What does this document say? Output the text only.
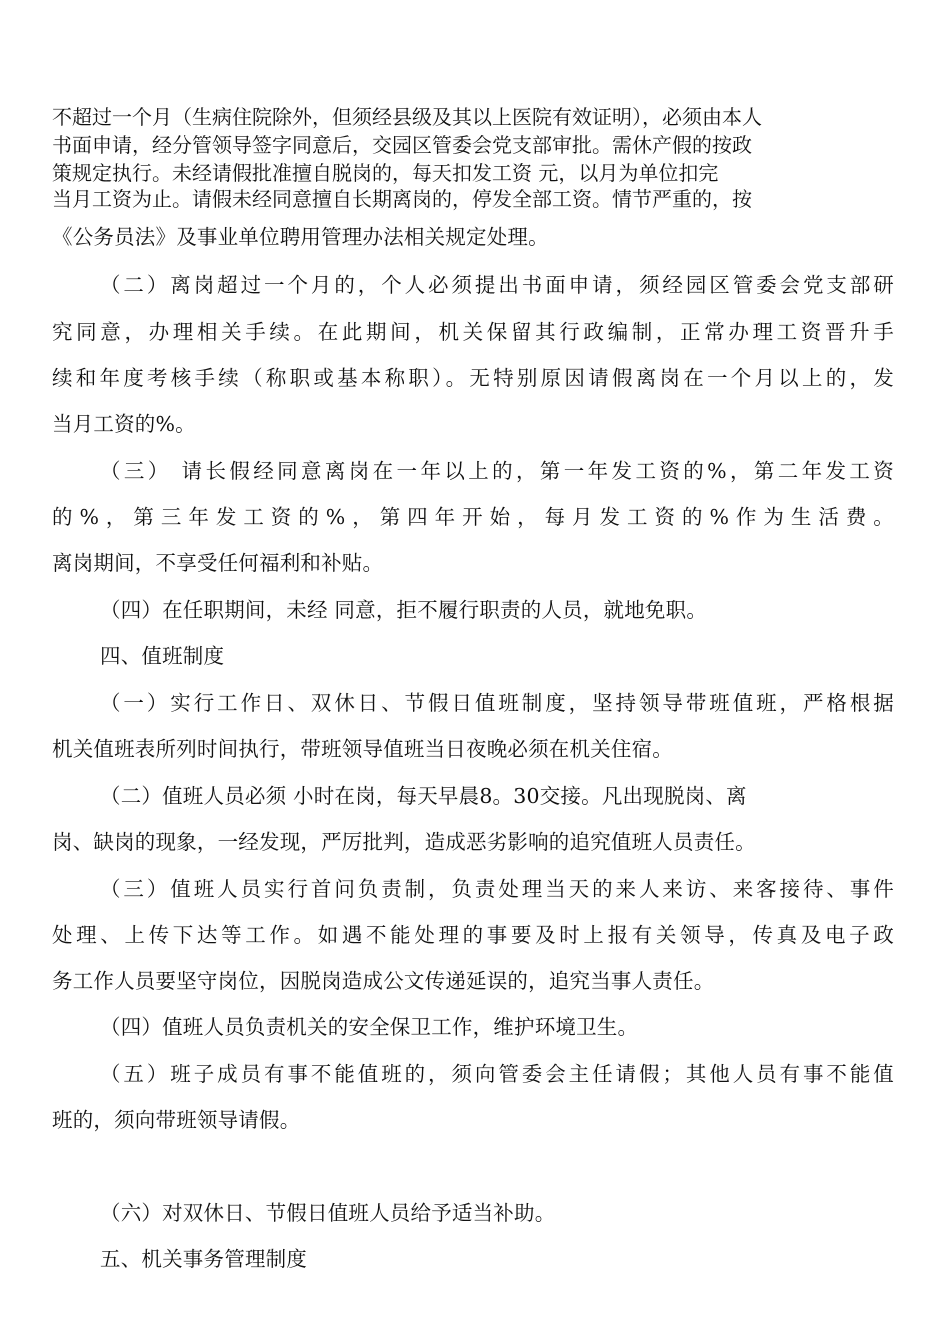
不超过一个月（生病住院除外，但须经县级及其以上医院有效证明），必须由本人
书面申请，经分管领导签字同意后，交园区管委会党支部审批。需休产假的按政
策规定执行。未经请假批准擅自脱岗的，每天扣发工资 元，以月为单位扣完
当月工资为止。请假未经同意擅自长期离岗的，停发全部工资。情节严重的，按
《公务员法》及事业单位聘用管理办法相关规定处理。
（二）离岗超过一个月的，个人必须提出书面申请，须经园区管委会党支部研
究同意，办理相关手续。在此期间，机关保留其行政编制，正常办理工资晋升手
续和年度考核手续（称职或基本称职）。无特别原因请假离岗在一个月以上的，发
当月工资的%。
（三） 请长假经同意离岗在一年以上的，第一年发工资的%，第二年发工资
的%，第三年发工资的%，第四年开始，每月发工资的%作为生活费。
离岗期间，不享受任何福利和补贴。
（四）在任职期间，未经 同意，拒不履行职责的人员，就地免职。
四、值班制度
（一）实行工作日、双休日、节假日值班制度，坚持领导带班值班，严格根据
机关值班表所列时间执行，带班领导值班当日夜晚必须在机关住宿。
（二）值班人员必须 小时在岗，每天早晨8。30交接。凡出现脱岗、离
岗、缺岗的现象，一经发现，严厉批判，造成恶劣影响的追究值班人员责任。
（三）值班人员实行首问负责制，负责处理当天的来人来访、来客接待、事件
处理、上传下达等工作。如遇不能处理的事要及时上报有关领导，传真及电子政
务工作人员要坚守岗位，因脱岗造成公文传递延误的，追究当事人责任。
（四）值班人员负责机关的安全保卫工作，维护环境卫生。
（五）班子成员有事不能值班的，须向管委会主任请假；其他人员有事不能值
班的，须向带班领导请假。
（六）对双休日、节假日值班人员给予适当补助。
五、机关事务管理制度
